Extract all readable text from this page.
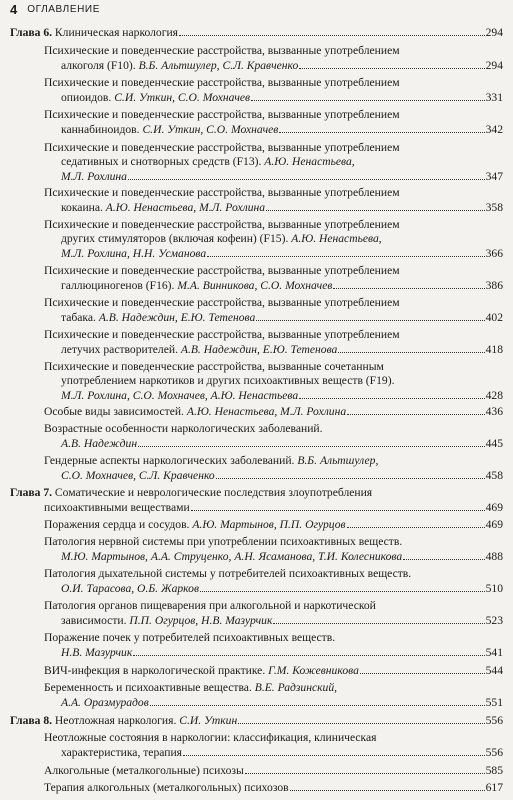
4 ОГЛАВЛЕНИЕ
Глава 6. Клиническая наркология	294
Психические и поведенческие расстройства, вызванные употреблением
алкоголя (F10). В.Б. Альтшулер, С.Л. Кравченко	294
Психические и поведенческие расстройства, вызванные употреблением
опиоидов. С.И. Уткин, С.О. Мохначев	331
Психические и поведенческие расстройства, вызванные употреблением
каннабиноидов. С.И. Уткин, С.О. Мохначев	342
Психические и поведенческие расстройства, вызванные употреблением
седативных и снотворных средств (F13). А.Ю. Ненастьева,
М.Л. Рохлина	347
Психические и поведенческие расстройства, вызванные употреблением
кокаина. А.Ю. Ненастьева, М.Л. Рохлина	358
Психические и поведенческие расстройства, вызванные употреблением
других стимуляторов (включая кофеин) (F15). А.Ю. Ненастьева,
М.Л. Рохлина, Н.Н. Усманова	366
Психические и поведенческие расстройства, вызванные употреблением
галлюциногенов (F16). М.А. Винникова, С.О. Мохначев	386
Психические и поведенческие расстройства, вызванные употреблением
табака. А.В. Надеждин, Е.Ю. Тетенова	402
Психические и поведенческие расстройства, вызванные употреблением
летучих растворителей. А.В. Надеждин, Е.Ю. Тетенова	418
Психические и поведенческие расстройства, вызванные сочетанным
употреблением наркотиков и других психоактивных веществ (F19).
М.Л. Рохлина, С.О. Мохначев, А.Ю. Ненастьева	428
Особые виды зависимостей. А.Ю. Ненастьева, М.Л. Рохлина	436
Возрастные особенности наркологических заболеваний.
А.В. Надеждин	445
Гендерные аспекты наркологических заболеваний. В.Б. Альтшулер,
С.О. Мохначев, С.Л. Кравченко	458
Глава 7. Соматические и неврологические последствия злоупотребления
психоактивными веществами	469
Поражения сердца и сосудов. А.Ю. Мартынов, П.П. Огурцов	469
Патология нервной системы при употреблении психоактивных веществ.
М.Ю. Мартынов, А.А. Струценко, А.Н. Ясаманова, Т.И. Колесникова	488
Патология дыхательной системы у потребителей психоактивных веществ.
О.И. Тарасова, О.Б. Жарков	510
Патология органов пищеварения при алкогольной и наркотической
зависимости. П.П. Огурцов, Н.В. Мазурчик	523
Поражение почек у потребителей психоактивных веществ.
Н.В. Мазурчик	541
ВИЧ-инфекция в наркологической практике. Г.М. Кожевникова	544
Беременность и психоактивные вещества. В.Е. Радзинский,
А.А. Оразмурадов	551
Глава 8. Неотложная наркология. С.И. Уткин	556
Неотложные состояния в наркологии: классификация, клиническая
характеристика, терапия	556
Алкогольные (металкогольные) психозы	585
Терапия алкогольных (металкогольных) психозов	617
